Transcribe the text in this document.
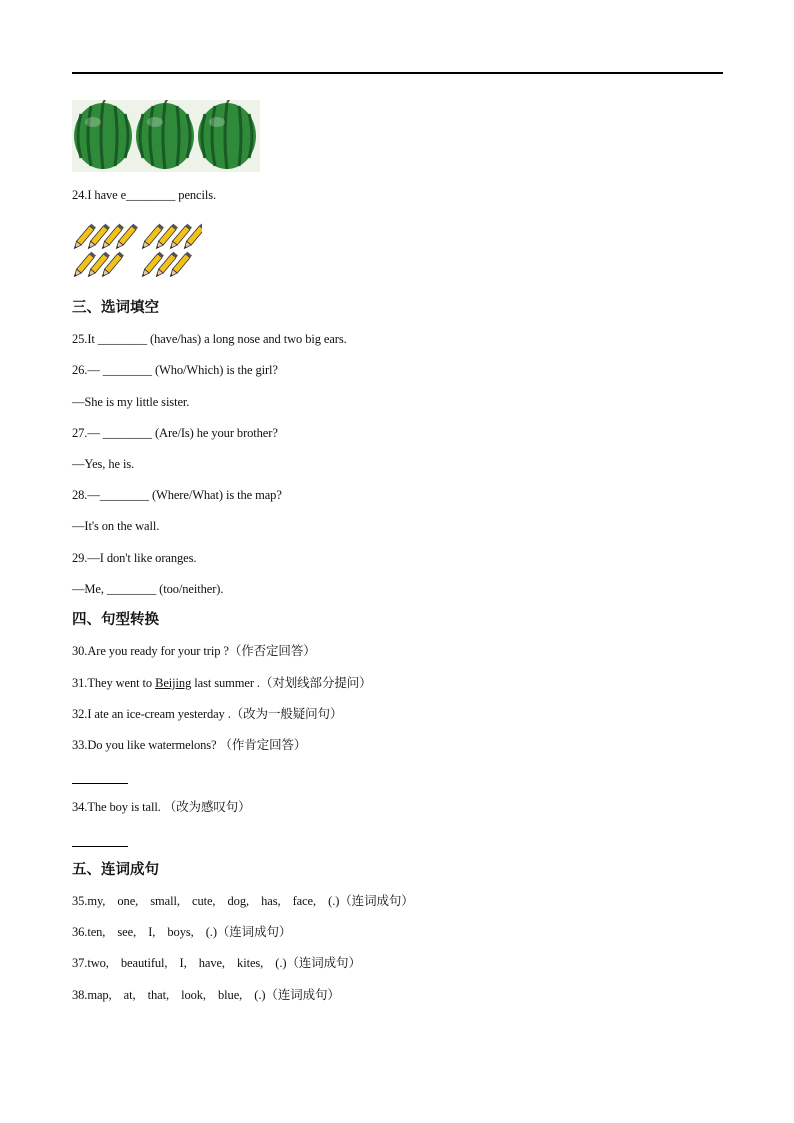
24.I have e________ pencils.
三、选词填空
25.It ________ (have/has) a long nose and two big ears.
26.— ________ (Who/Which) is the girl?
—She is my little sister.
27.— ________ (Are/Is) he your brother?
—Yes, he is.
28.—________ (Where/What) is the map?
—It's on the wall.
29.—I don't like oranges.
—Me, ________ (too/neither).
四、句型转换
30.Are you ready for your trip ?（作否定回答）
31.They went to Beijing last summer .（对划线部分提问）
32.I ate an ice-cream yesterday .（改为一般疑问句）
33.Do you like watermelons? （作肯定回答）
34.The boy is tall. （改为感叹句）
五、连词成句
35.my,    one,    small,    cute,    dog,    has,    face,    (.)（连词成句）
36.ten,    see,    I,    boys,    (.)（连词成句）
37.two,    beautiful,    I,    have,    kites,    (.)（连词成句）
38.map,    at,    that,    look,    blue,    (.)（连词成句）
